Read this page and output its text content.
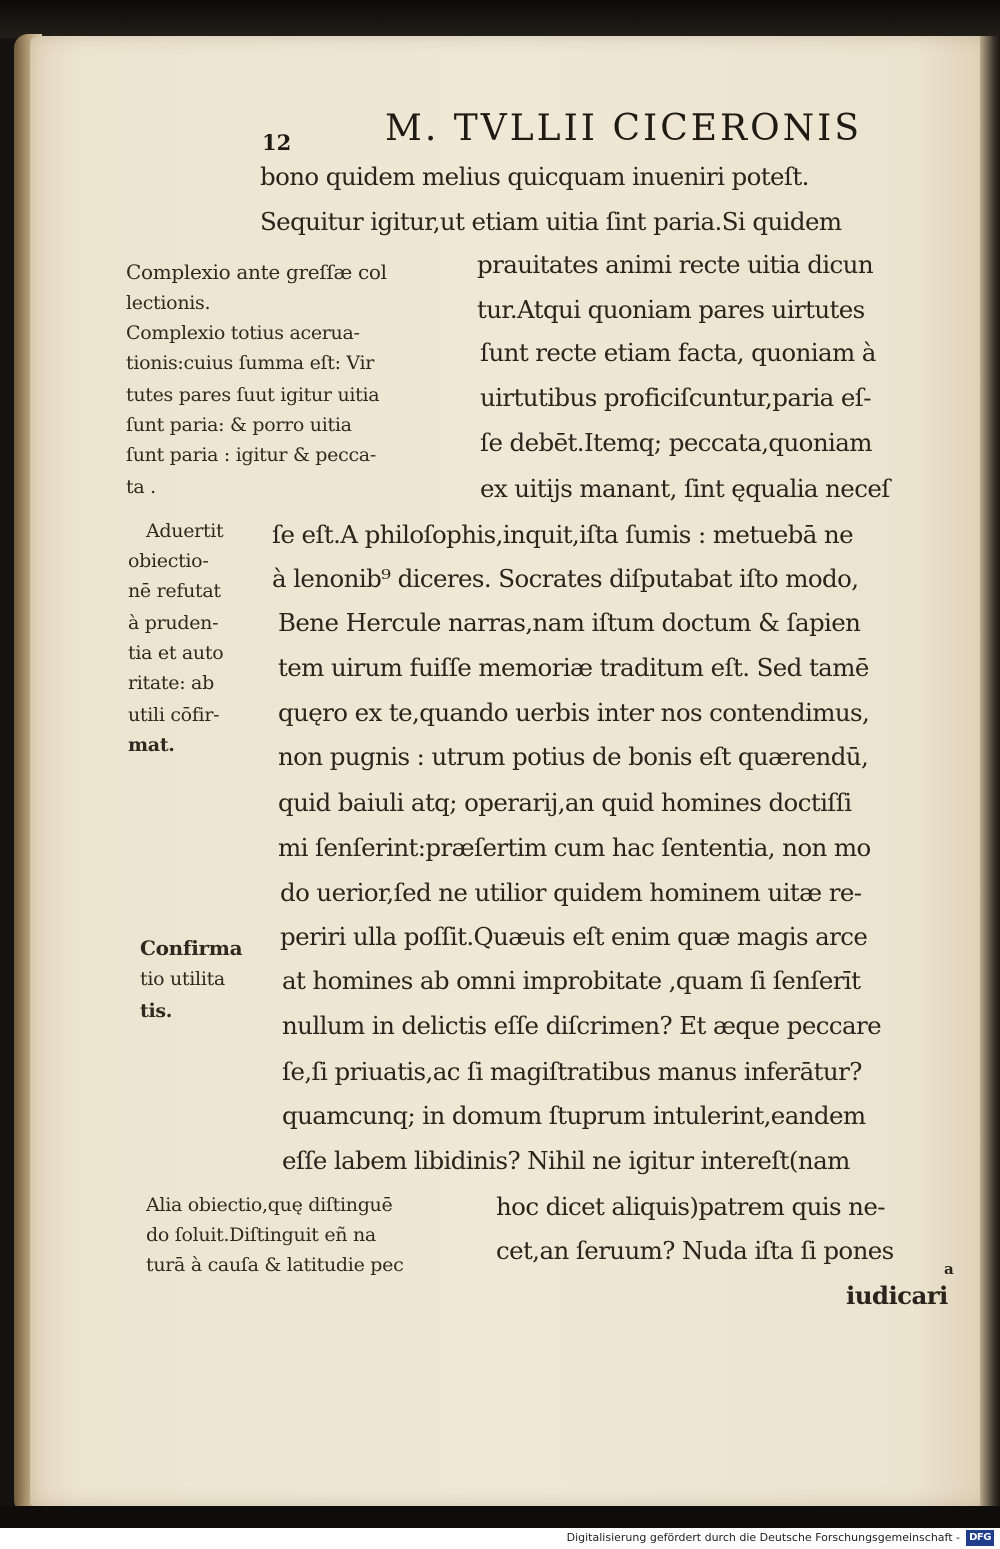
12	M. TVLLII CICERONIS
bono quidem melius quicquam inueniri poteſt.
Sequitur igitur,ut etiam uitia ſint paria.Si quidem
prauitates animi recte uitia dicun
tur.Atqui quoniam pares uirtutes
ſunt recte etiam facta, quoniam à
uirtutibus proficiſcuntur,paria eſ-
ſe debēt.Itemq; peccata,quoniam
ex uitijs manant, ſint ęqualia neceſ
ſe eſt.A philoſophis,inquit,iſta ſumis : metuebā ne
à lenonib⁹ diceres. Socrates diſputabat iſto modo,
Bene Hercule narras,nam iſtum doctum & ſapien
tem uirum fuiſſe memoriæ traditum eſt. Sed tamē
quęro ex te,quando uerbis inter nos contendimus,
non pugnis : utrum potius de bonis eſt quærendū,
quid baiuli atq; operarij,an quid homines doctiſſi
mi ſenſerint:præſertim cum hac ſententia, non mo
do uerior,ſed ne utilior quidem hominem uitæ re-
periri ulla poſſit.Quæuis eſt enim quæ magis arce
at homines ab omni improbitate ,quam ſi ſenſerīt
nullum in delictis eſſe diſcrimen? Et æque peccare
ſe,ſi priuatis,ac ſi magiſtratibus manus inferātur?
quamcunq; in domum ſtuprum intulerint,eandem
eſſe labem libidinis? Nihil ne igitur intereſt(nam
hoc dicet aliquis)patrem quis ne-
cet,an ſeruum? Nuda iſta ſi pones
a
iudicari
Complexio ante greſſæ col
lectionis.
Complexio totius acerua-
tionis:cuius ſumma eſt: Vir
tutes pares ſuut igitur uitia
ſunt paria: & porro uitia
ſunt paria : igitur & pecca-
ta .
Aduertit
obiectio-
nē refutat
à pruden-
tia et auto
ritate: ab
utili cōfir-
mat.
Confirma
tio utilita
tis.
Alia obiectio,quę diſtinguē
do ſoluit.Diſtinguit eñ na
turā à cauſa & latitudie pec
Digitalisierung gefördert durch die Deutsche Forschungsgemeinschaft - DFG
